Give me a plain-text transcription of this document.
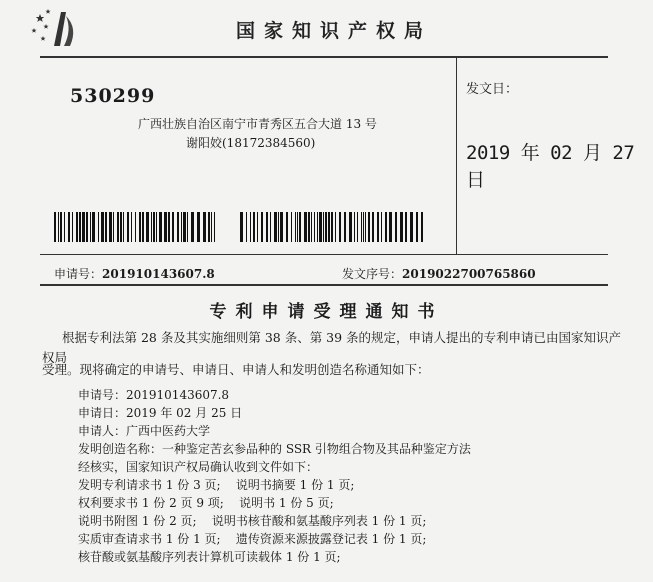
国家知识产权局
530299
广西壮族自治区南宁市青秀区五合大道 13 号
谢阳姣(18172384560)
发文日：
2019 年 02 月 27 日
申请号：201910143607.8	发文序号：2019022700765860
专利申请受理通知书
根据专利法第 28 条及其实施细则第 38 条、第 39 条的规定，申请人提出的专利申请已由国家知识产权局
受理。现将确定的申请号、申请日、申请人和发明创造名称通知如下：
申请号：201910143607.8
申请日：2019 年 02 月 25 日
申请人：广西中医药大学
发明创造名称：一种鉴定苦玄参品种的 SSR 引物组合物及其品种鉴定方法
经核实，国家知识产权局确认收到文件如下：
发明专利请求书 1 份 3 页;    说明书摘要 1 份 1 页;
权利要求书 1 份 2 页 9 项;    说明书 1 份 5 页;
说明书附图 1 份 2 页;    说明书核苷酸和氨基酸序列表 1 份 1 页;
实质审查请求书 1 份 1 页;    遗传资源来源披露登记表 1 份 1 页;
核苷酸或氨基酸序列表计算机可读载体 1 份 1 页;
